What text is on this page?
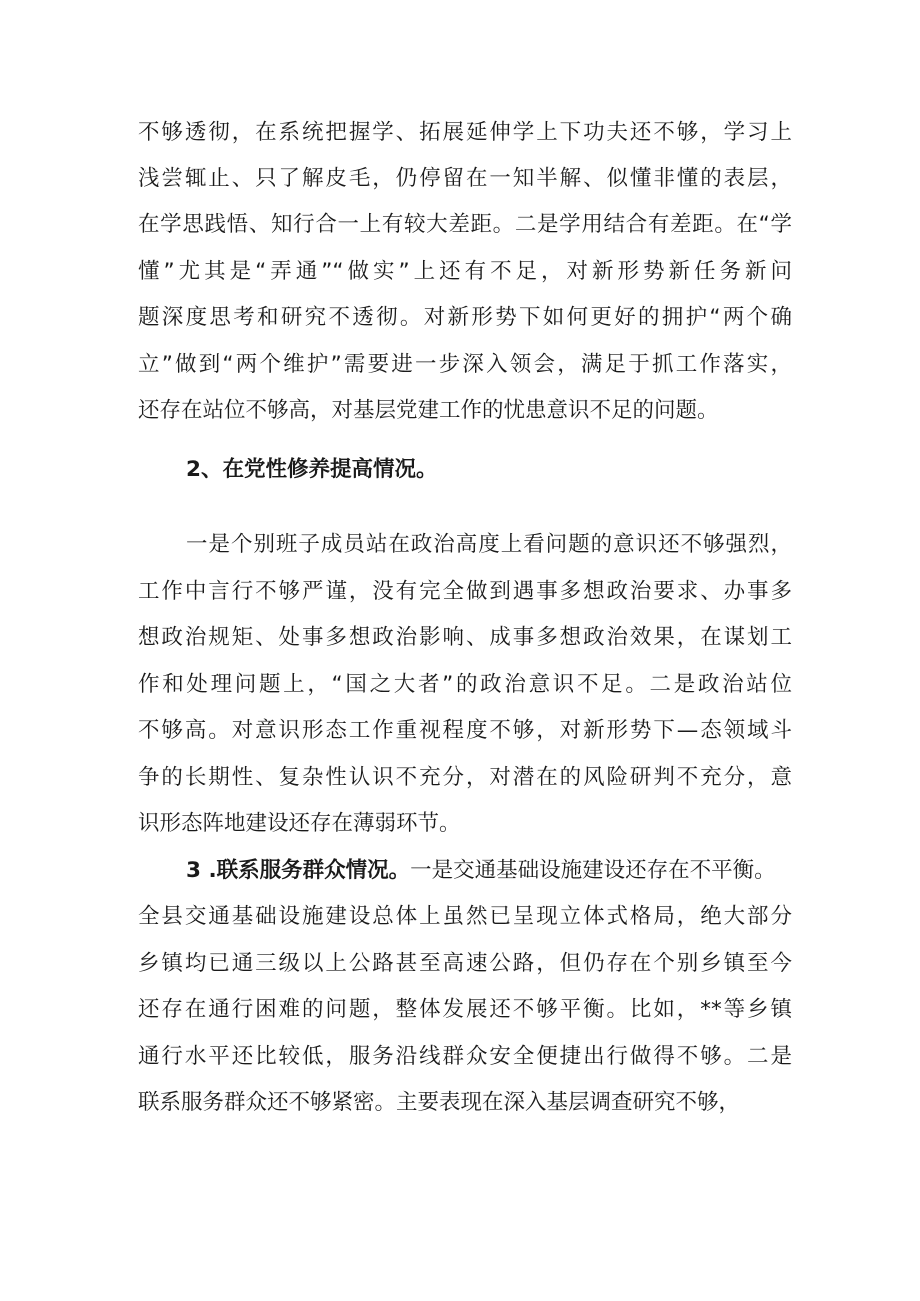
不够透彻，在系统把握学、拓展延伸学上下功夫还不够，学习上
浅尝辄止、只了解皮毛，仍停留在一知半解、似懂非懂的表层，
在学思践悟、知行合一上有较大差距。二是学用结合有差距。在“学
懂”尤其是“弄通”“做实”上还有不足，对新形势新任务新问
题深度思考和研究不透彻。对新形势下如何更好的拥护“两个确
立”做到“两个维护”需要进一步深入领会，满足于抓工作落实，
还存在站位不够高，对基层党建工作的忧患意识不足的问题。
2、在党性修养提高情况。
一是个别班子成员站在政治高度上看问题的意识还不够强烈，
工作中言行不够严谨，没有完全做到遇事多想政治要求、办事多
想政治规矩、处事多想政治影响、成事多想政治效果，在谋划工
作和处理问题上，“国之大者”的政治意识不足。二是政治站位
不够高。对意识形态工作重视程度不够，对新形势下—态领域斗
争的长期性、复杂性认识不充分，对潜在的风险研判不充分，意
识形态阵地建设还存在薄弱环节。
3 .联系服务群众情况。一是交通基础设施建设还存在不平衡。
全县交通基础设施建设总体上虽然已呈现立体式格局，绝大部分
乡镇均已通三级以上公路甚至高速公路，但仍存在个别乡镇至今
还存在通行困难的问题，整体发展还不够平衡。比如，**等乡镇
通行水平还比较低，服务沿线群众安全便捷出行做得不够。二是
联系服务群众还不够紧密。主要表现在深入基层调查研究不够，
